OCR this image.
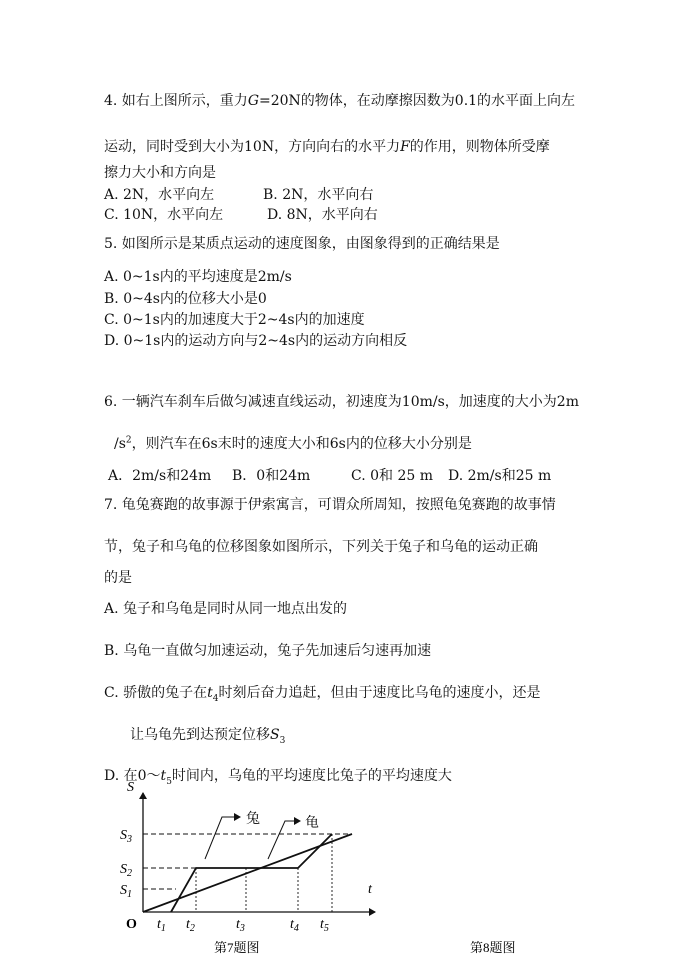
4. 如右上图所示，重力G=20N的物体，在动摩擦因数为0.1的水平面上向左
运动，同时受到大小为10N，方向向右的水平力F的作用，则物体所受摩
擦力大小和方向是
A. 2N，水平向左	B. 2N，水平向右
C. 10N，水平向左	D. 8N，水平向右
5. 如图所示是某质点运动的速度图象，由图象得到的正确结果是
A. 0~1s内的平均速度是2m/s
B. 0~4s内的位移大小是0
C. 0~1s内的加速度大于2~4s内的加速度
D. 0~1s内的运动方向与2~4s内的运动方向相反
6. 一辆汽车刹车后做匀减速直线运动，初速度为10m/s，加速度的大小为2m
$/s^2$，则汽车在6s末时的速度大小和6s内的位移大小分别是
A．2m/s和24m B．0和24m	C. 0和 25 m D. 2m/s和25 m
7. 龟兔赛跑的故事源于伊索寓言，可谓众所周知，按照龟兔赛跑的故事情
节，兔子和乌龟的位移图象如图所示，下列关于兔子和乌龟的运动正确
的是
A. 兔子和乌龟是同时从同一地点出发的
B. 乌龟一直做匀加速运动，兔子先加速后匀速再加速
C. 骄傲的兔子在$t_4$时刻后奋力追赶，但由于速度比乌龟的速度小，还是
让乌龟先到达预定位移$S_3$
D. 在$0\sim t_5$时间内，乌龟的平均速度比兔子的平均速度大
S
t
O
兔	龟
$S_3$
$S_2$
$S_1$
$t_1$ $t_2$	$t_3$	$t_4$ $t_5$
第7题图	第8题图
